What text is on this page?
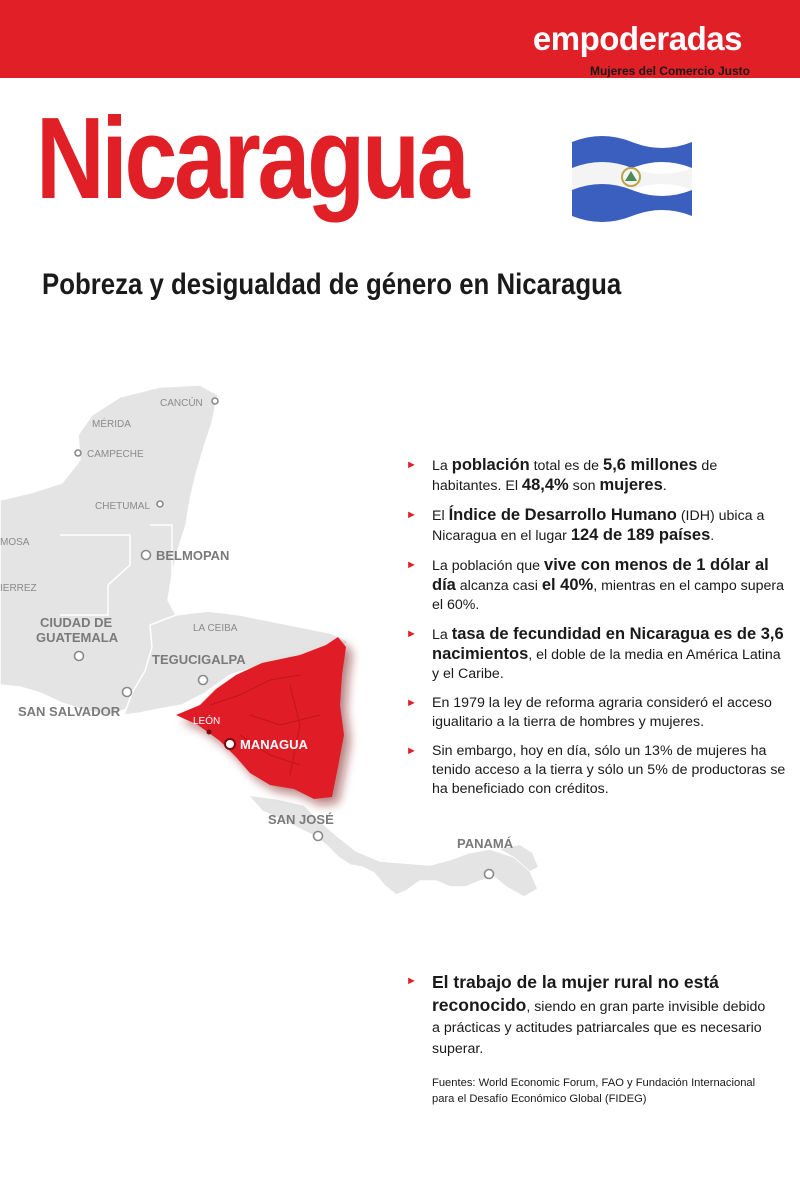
empoderadas
Mujeres del Comercio Justo
Nicaragua
Pobreza y desigualdad de género en Nicaragua
CANCÚN
MÉRIDA
CAMPECHE
CHETUMAL
MOSA
IERREZ
LA CEIBA
BELMOPAN
CIUDAD DE
GUATEMALA
TEGUCIGALPA
SAN SALVADOR
SAN JOSÉ
PANAMÁ
LEÓN
MANAGUA
► La población total es de 5,6 millones de habitantes. El 48,4% son mujeres.
► El Índice de Desarrollo Humano (IDH) ubica a Nicaragua en el lugar 124 de 189 países.
► La población que vive con menos de 1 dólar al día alcanza casi el 40%, mientras en el campo supera el 60%.
► La tasa de fecundidad en Nicaragua es de 3,6 nacimientos, el doble de la media en América Latina y el Caribe.
► En 1979 la ley de reforma agraria consideró el acceso igualitario a la tierra de hombres y mujeres.
► Sin embargo, hoy en día, sólo un 13% de mujeres ha tenido acceso a la tierra y sólo un 5% de productoras se ha beneficiado con créditos.
► El trabajo de la mujer rural no está reconocido, siendo en gran parte invisible debido a prácticas y actitudes patriarcales que es necesario superar.
Fuentes: World Economic Forum, FAO y Fundación Internacional para el Desafío Económico Global (FIDEG)
